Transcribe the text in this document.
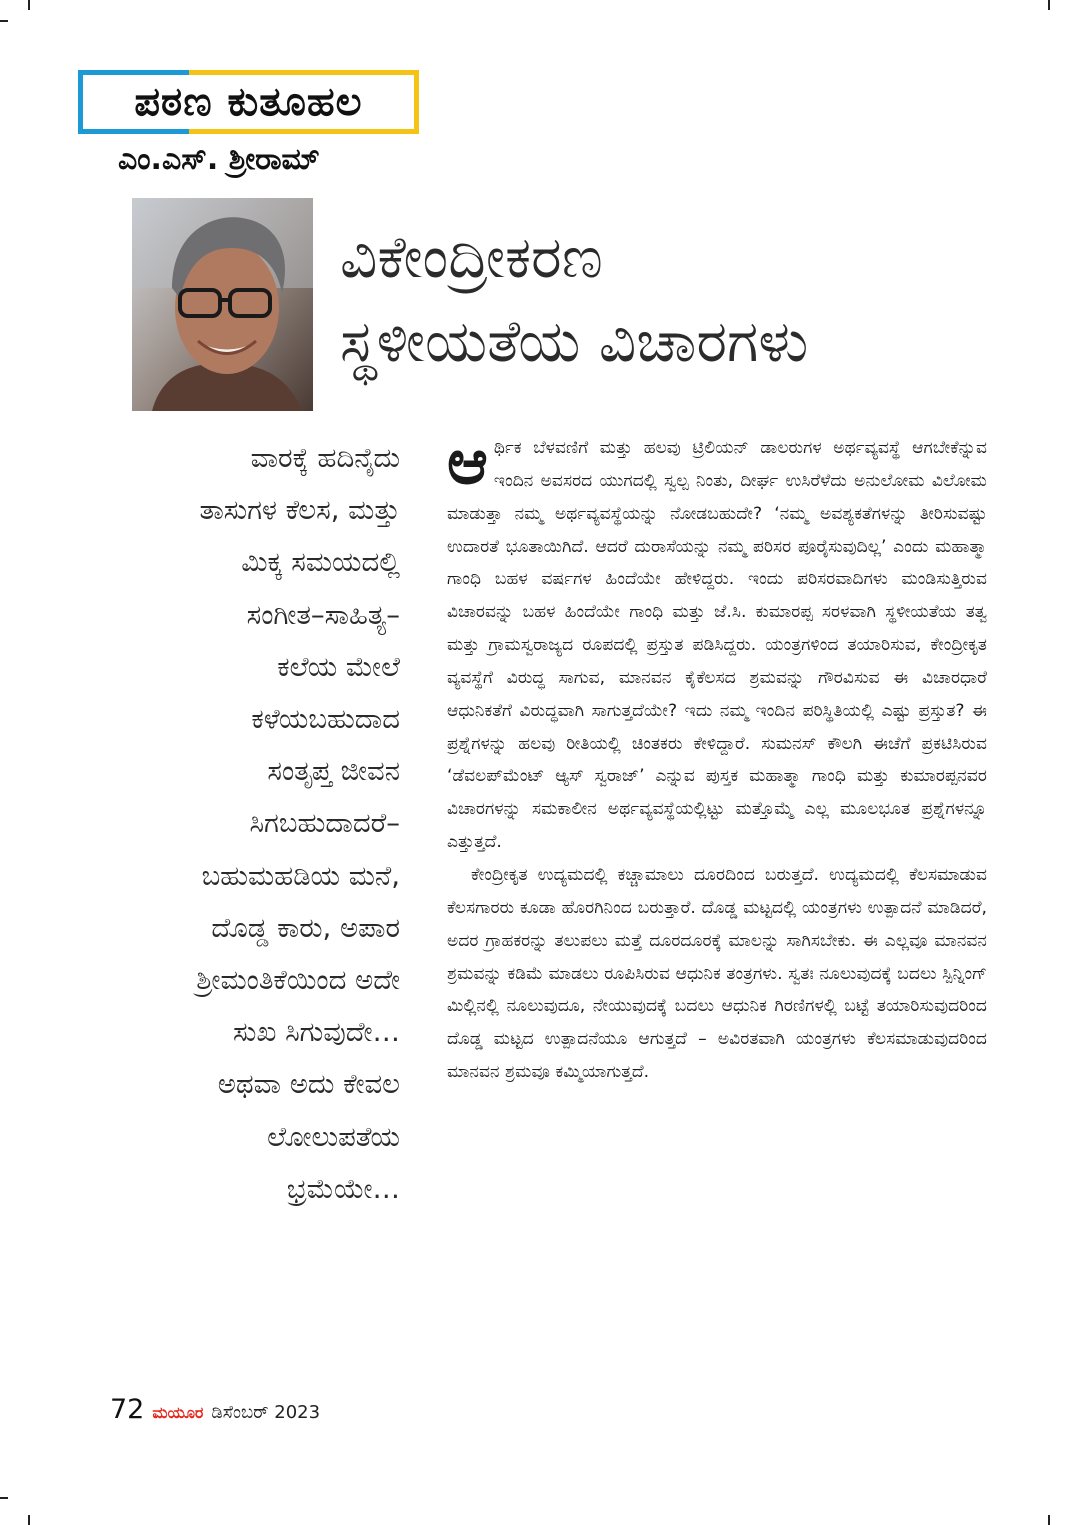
ಪಠಣ ಕುತೂಹಲ
ಎಂ.ಎಸ್. ಶ್ರೀರಾಮ್
ವಿಕೇಂದ್ರೀಕರಣ
ಸ್ಥಳೀಯತೆಯ ವಿಚಾರಗಳು
ವಾರಕ್ಕೆ ಹದಿನೈದು
ತಾಸುಗಳ ಕೆಲಸ, ಮತ್ತು
ಮಿಕ್ಕ ಸಮಯದಲ್ಲಿ
ಸಂಗೀತ–ಸಾಹಿತ್ಯ–
ಕಲೆಯ ಮೇಲೆ
ಕಳೆಯಬಹುದಾದ
ಸಂತೃಪ್ತ ಜೀವನ
ಸಿಗಬಹುದಾದರೆ–
ಬಹುಮಹಡಿಯ ಮನೆ,
ದೊಡ್ಡ ಕಾರು, ಅಪಾರ
ಶ್ರೀಮಂತಿಕೆಯಿಂದ ಅದೇ
ಸುಖ ಸಿಗುವುದೇ…
ಅಥವಾ ಅದು ಕೇವಲ
ಲೋಲುಪತೆಯ
ಭ್ರಮೆಯೇ…

ಆರ್ಥಿಕ ಬೆಳವಣಿಗೆ ಮತ್ತು ಹಲವು ಟ್ರಿಲಿಯನ್ ಡಾಲರುಗಳ ಅರ್ಥವ್ಯವಸ್ಥೆ ಆಗಬೇಕೆನ್ನುವ ಇಂದಿನ ಅವಸರದ ಯುಗದಲ್ಲಿ ಸ್ವಲ್ಪ ನಿಂತು, ದೀರ್ಘ ಉಸಿರೆಳೆದು ಅನುಲೋಮ ವಿಲೋಮ ಮಾಡುತ್ತಾ ನಮ್ಮ ಅರ್ಥವ್ಯವಸ್ಥೆಯನ್ನು ನೋಡಬಹುದೇ? ‘ನಮ್ಮ ಅವಶ್ಯಕತೆಗಳನ್ನು ತೀರಿಸುವಷ್ಟು ಉದಾರತೆ ಭೂತಾಯಿಗಿದೆ. ಆದರೆ ದುರಾಸೆಯನ್ನು ನಮ್ಮ ಪರಿಸರ ಪೂರೈಸುವುದಿಲ್ಲ’ ಎಂದು ಮಹಾತ್ಮಾ ಗಾಂಧಿ ಬಹಳ ವರ್ಷಗಳ ಹಿಂದೆಯೇ ಹೇಳಿದ್ದರು. ಇಂದು ಪರಿಸರವಾದಿಗಳು ಮಂಡಿಸುತ್ತಿರುವ ವಿಚಾರವನ್ನು ಬಹಳ ಹಿಂದೆಯೇ ಗಾಂಧಿ ಮತ್ತು ಜೆ.ಸಿ. ಕುಮಾರಪ್ಪ ಸರಳವಾಗಿ ಸ್ಥಳೀಯತೆಯ ತತ್ವ ಮತ್ತು ಗ್ರಾಮಸ್ವರಾಜ್ಯದ ರೂಪದಲ್ಲಿ ಪ್ರಸ್ತುತ ಪಡಿಸಿದ್ದರು. ಯಂತ್ರಗಳಿಂದ ತಯಾರಿಸುವ, ಕೇಂದ್ರೀಕೃತ ವ್ಯವಸ್ಥೆಗೆ ವಿರುದ್ಧ ಸಾಗುವ, ಮಾನವನ ಕೈಕೆಲಸದ ಶ್ರಮವನ್ನು ಗೌರವಿಸುವ ಈ ವಿಚಾರಧಾರೆ ಆಧುನಿಕತೆಗೆ ವಿರುದ್ಧವಾಗಿ ಸಾಗುತ್ತದೆಯೇ? ಇದು ನಮ್ಮ ಇಂದಿನ ಪರಿಸ್ಥಿತಿಯಲ್ಲಿ ಎಷ್ಟು ಪ್ರಸ್ತುತ? ಈ ಪ್ರಶ್ನೆಗಳನ್ನು ಹಲವು ರೀತಿಯಲ್ಲಿ ಚಿಂತಕರು ಕೇಳಿದ್ದಾರೆ. ಸುಮನಸ್ ಕೌಲಗಿ ಈಚೆಗೆ ಪ್ರಕಟಿಸಿರುವ ‘ಡೆವಲಪ್‌ಮೆಂಟ್ ಆ್ಯಸ್ ಸ್ವರಾಜ್’ ಎನ್ನುವ ಪುಸ್ತಕ ಮಹಾತ್ಮಾ ಗಾಂಧಿ ಮತ್ತು ಕುಮಾರಪ್ಪನವರ ವಿಚಾರಗಳನ್ನು ಸಮಕಾಲೀನ ಅರ್ಥವ್ಯವಸ್ಥೆಯಲ್ಲಿಟ್ಟು ಮತ್ತೊಮ್ಮೆ ಎಲ್ಲ ಮೂಲಭೂತ ಪ್ರಶ್ನೆಗಳನ್ನೂ ಎತ್ತುತ್ತದೆ.

ಕೇಂದ್ರೀಕೃತ ಉದ್ಯಮದಲ್ಲಿ ಕಚ್ಚಾಮಾಲು ದೂರದಿಂದ ಬರುತ್ತದೆ. ಉದ್ಯಮದಲ್ಲಿ ಕೆಲಸಮಾಡುವ ಕೆಲಸಗಾರರು ಕೂಡಾ ಹೊರಗಿನಿಂದ ಬರುತ್ತಾರೆ. ದೊಡ್ಡ ಮಟ್ಟದಲ್ಲಿ ಯಂತ್ರಗಳು ಉತ್ಪಾದನೆ ಮಾಡಿದರೆ, ಅದರ ಗ್ರಾಹಕರನ್ನು ತಲುಪಲು ಮತ್ತೆ ದೂರದೂರಕ್ಕೆ ಮಾಲನ್ನು ಸಾಗಿಸಬೇಕು. ಈ ಎಲ್ಲವೂ ಮಾನವನ ಶ್ರಮವನ್ನು ಕಡಿಮೆ ಮಾಡಲು ರೂಪಿಸಿರುವ ಆಧುನಿಕ ತಂತ್ರಗಳು. ಸ್ವತಃ ನೂಲುವುದಕ್ಕೆ ಬದಲು ಸ್ಪಿನ್ನಿಂಗ್ ಮಿಲ್ಲಿನಲ್ಲಿ ನೂಲುವುದೂ, ನೇಯುವುದಕ್ಕೆ ಬದಲು ಆಧುನಿಕ ಗಿರಣಿಗಳಲ್ಲಿ ಬಟ್ಟೆ ತಯಾರಿಸುವುದರಿಂದ ದೊಡ್ಡ ಮಟ್ಟದ ಉತ್ಪಾದನೆಯೂ ಆಗುತ್ತದೆ – ಅವಿರತವಾಗಿ ಯಂತ್ರಗಳು ಕೆಲಸಮಾಡುವುದರಿಂದ ಮಾನವನ ಶ್ರಮವೂ ಕಮ್ಮಿಯಾಗುತ್ತದೆ.

72 ಮಯೂರ ಡಿಸೆಂಬರ್ 2023
